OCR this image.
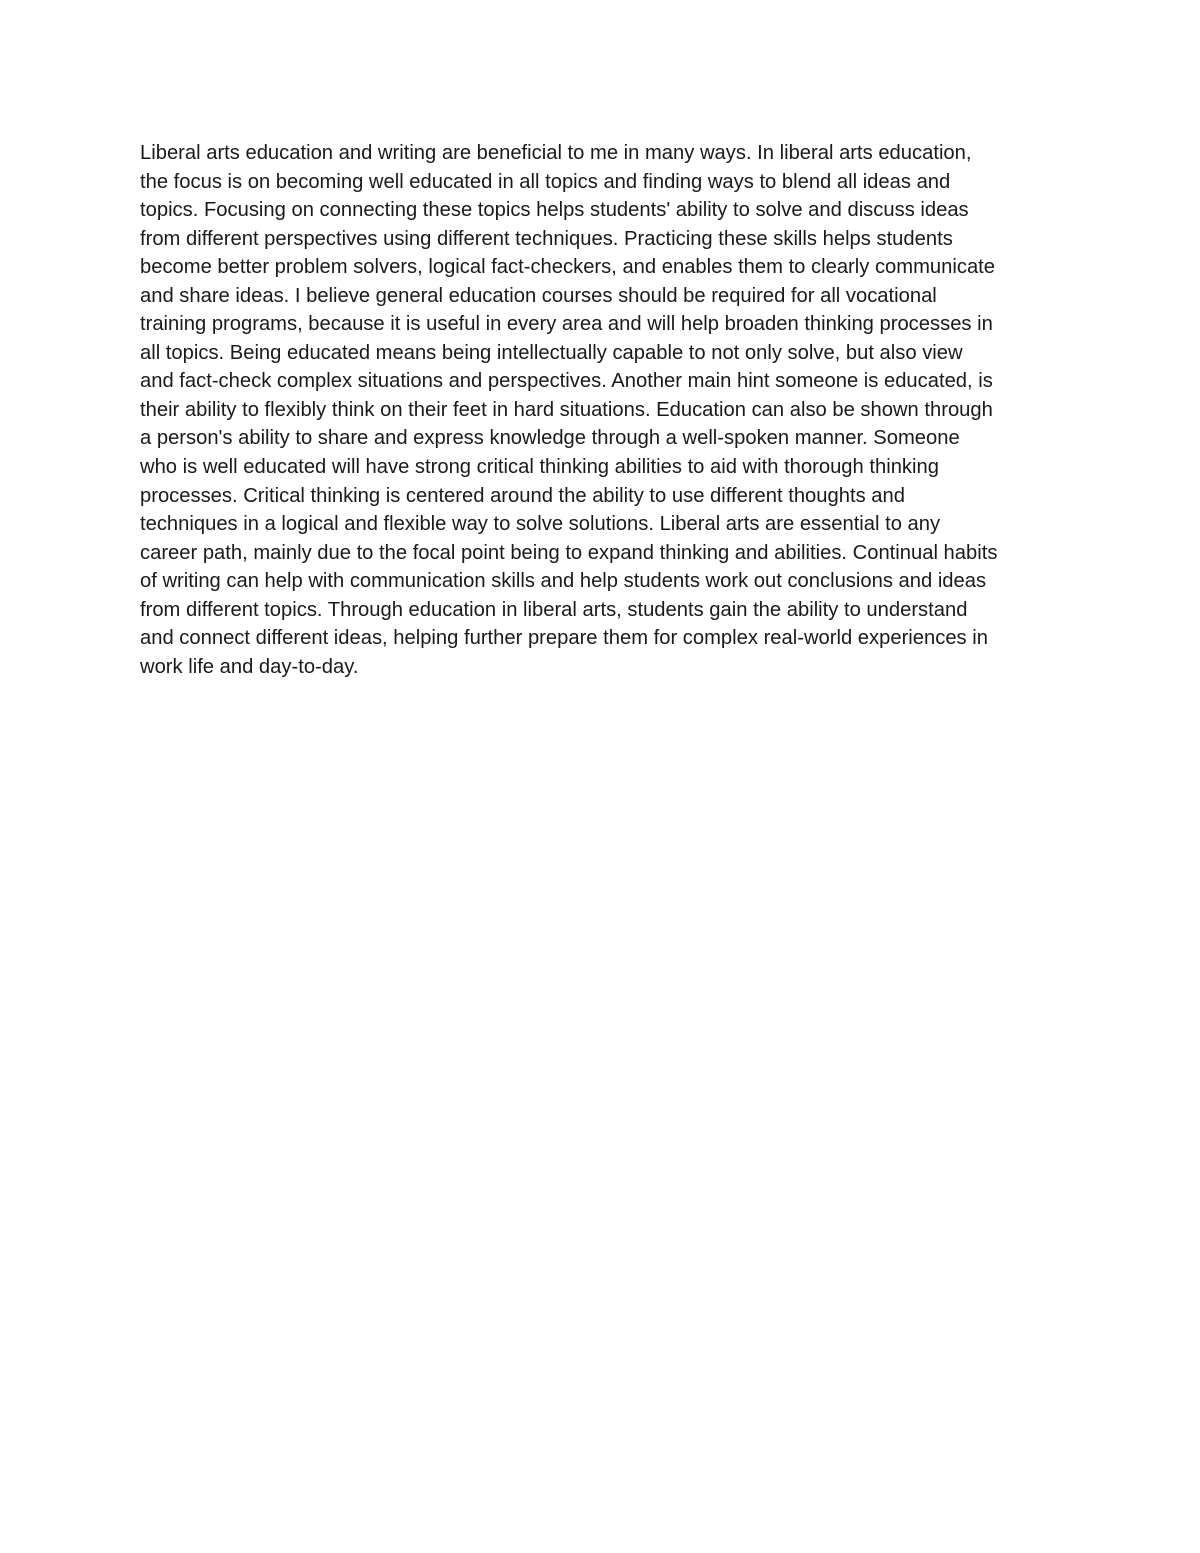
Liberal arts education and writing are beneficial to me in many ways. In liberal arts education,
the focus is on becoming well educated in all topics and finding ways to blend all ideas and
topics. Focusing on connecting these topics helps students' ability to solve and discuss ideas
from different perspectives using different techniques. Practicing these skills helps students
become better problem solvers, logical fact-checkers, and enables them to clearly communicate
and share ideas. I believe general education courses should be required for all vocational
training programs, because it is useful in every area and will help broaden thinking processes in
all topics. Being educated means being intellectually capable to not only solve, but also view
and fact-check complex situations and perspectives. Another main hint someone is educated, is
their ability to flexibly think on their feet in hard situations. Education can also be shown through
a person's ability to share and express knowledge through a well-spoken manner. Someone
who is well educated will have strong critical thinking abilities to aid with thorough thinking
processes. Critical thinking is centered around the ability to use different thoughts and
techniques in a logical and flexible way to solve solutions. Liberal arts are essential to any
career path, mainly due to the focal point being to expand thinking and abilities. Continual habits
of writing can help with communication skills and help students work out conclusions and ideas
from different topics. Through education in liberal arts, students gain the ability to understand
and connect different ideas, helping further prepare them for complex real-world experiences in
work life and day-to-day.
